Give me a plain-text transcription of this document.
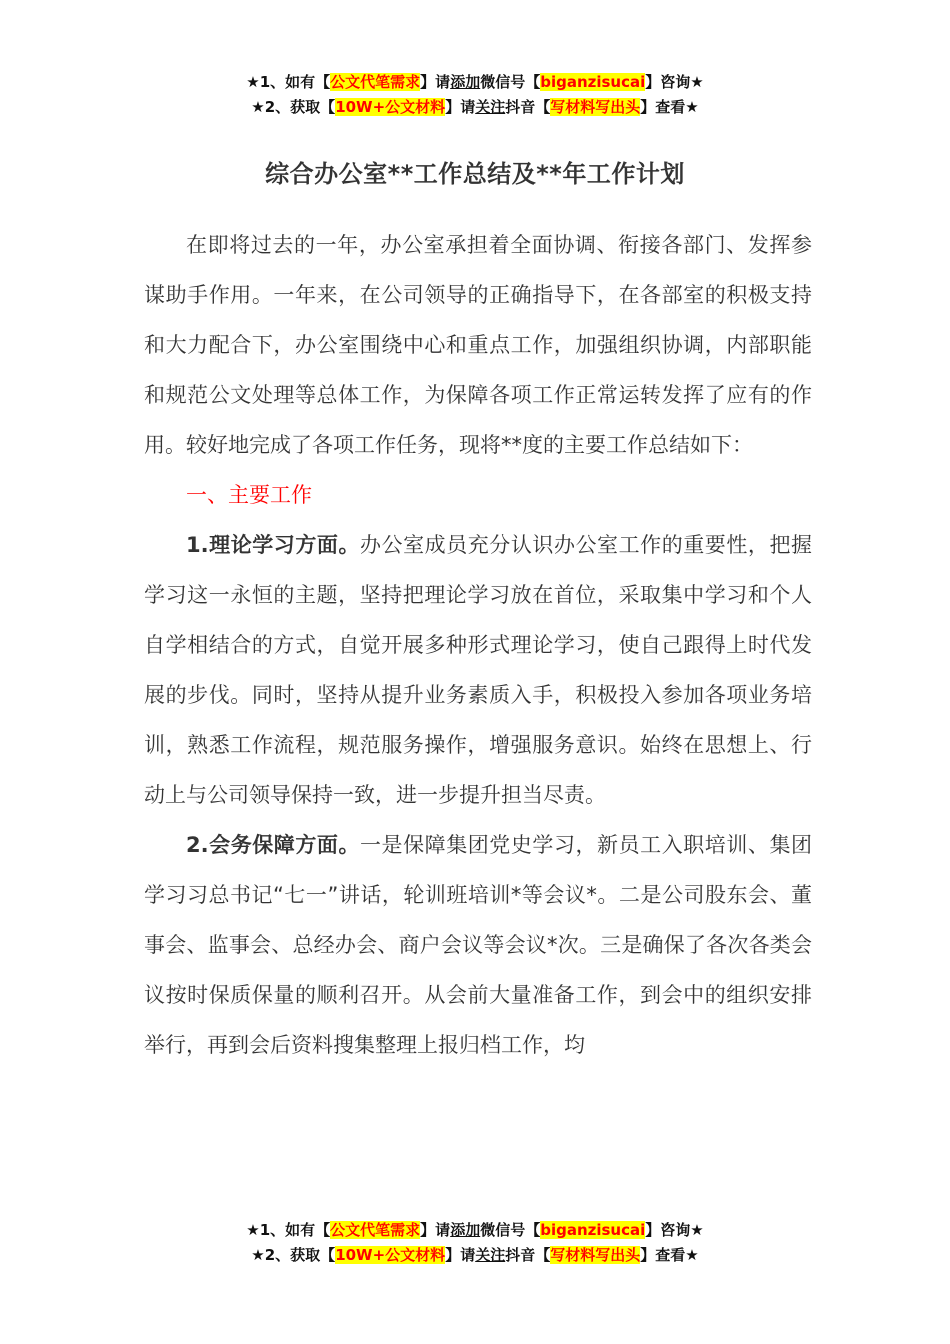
★1、如有【公文代笔需求】请添加微信号【biganzisucai】咨询★
★2、获取【10W+公文材料】请关注抖音【写材料写出头】查看★
综合办公室**工作总结及**年工作计划

在即将过去的一年，办公室承担着全面协调、衔接各部门、发挥参谋助手作用。一年来，在公司领导的正确指导下，在各部室的积极支持和大力配合下，办公室围绕中心和重点工作，加强组织协调，内部职能和规范公文处理等总体工作，为保障各项工作正常运转发挥了应有的作用。较好地完成了各项工作任务，现将**度的主要工作总结如下：

一、主要工作

1.理论学习方面。办公室成员充分认识办公室工作的重要性，把握学习这一永恒的主题，坚持把理论学习放在首位，采取集中学习和个人自学相结合的方式，自觉开展多种形式理论学习，使自己跟得上时代发展的步伐。同时，坚持从提升业务素质入手，积极投入参加各项业务培训，熟悉工作流程，规范服务操作，增强服务意识。始终在思想上、行动上与公司领导保持一致，进一步提升担当尽责。

2.会务保障方面。一是保障集团党史学习，新员工入职培训、集团学习习总书记“七一”讲话，轮训班培训*等会议*。二是公司股东会、董事会、监事会、总经办会、商户会议等会议*次。三是确保了各次各类会议按时保质保量的顺利召开。从会前大量准备工作，到会中的组织安排举行，再到会后资料搜集整理上报归档工作，均

★1、如有【公文代笔需求】请添加微信号【biganzisucai】咨询★
★2、获取【10W+公文材料】请关注抖音【写材料写出头】查看★
